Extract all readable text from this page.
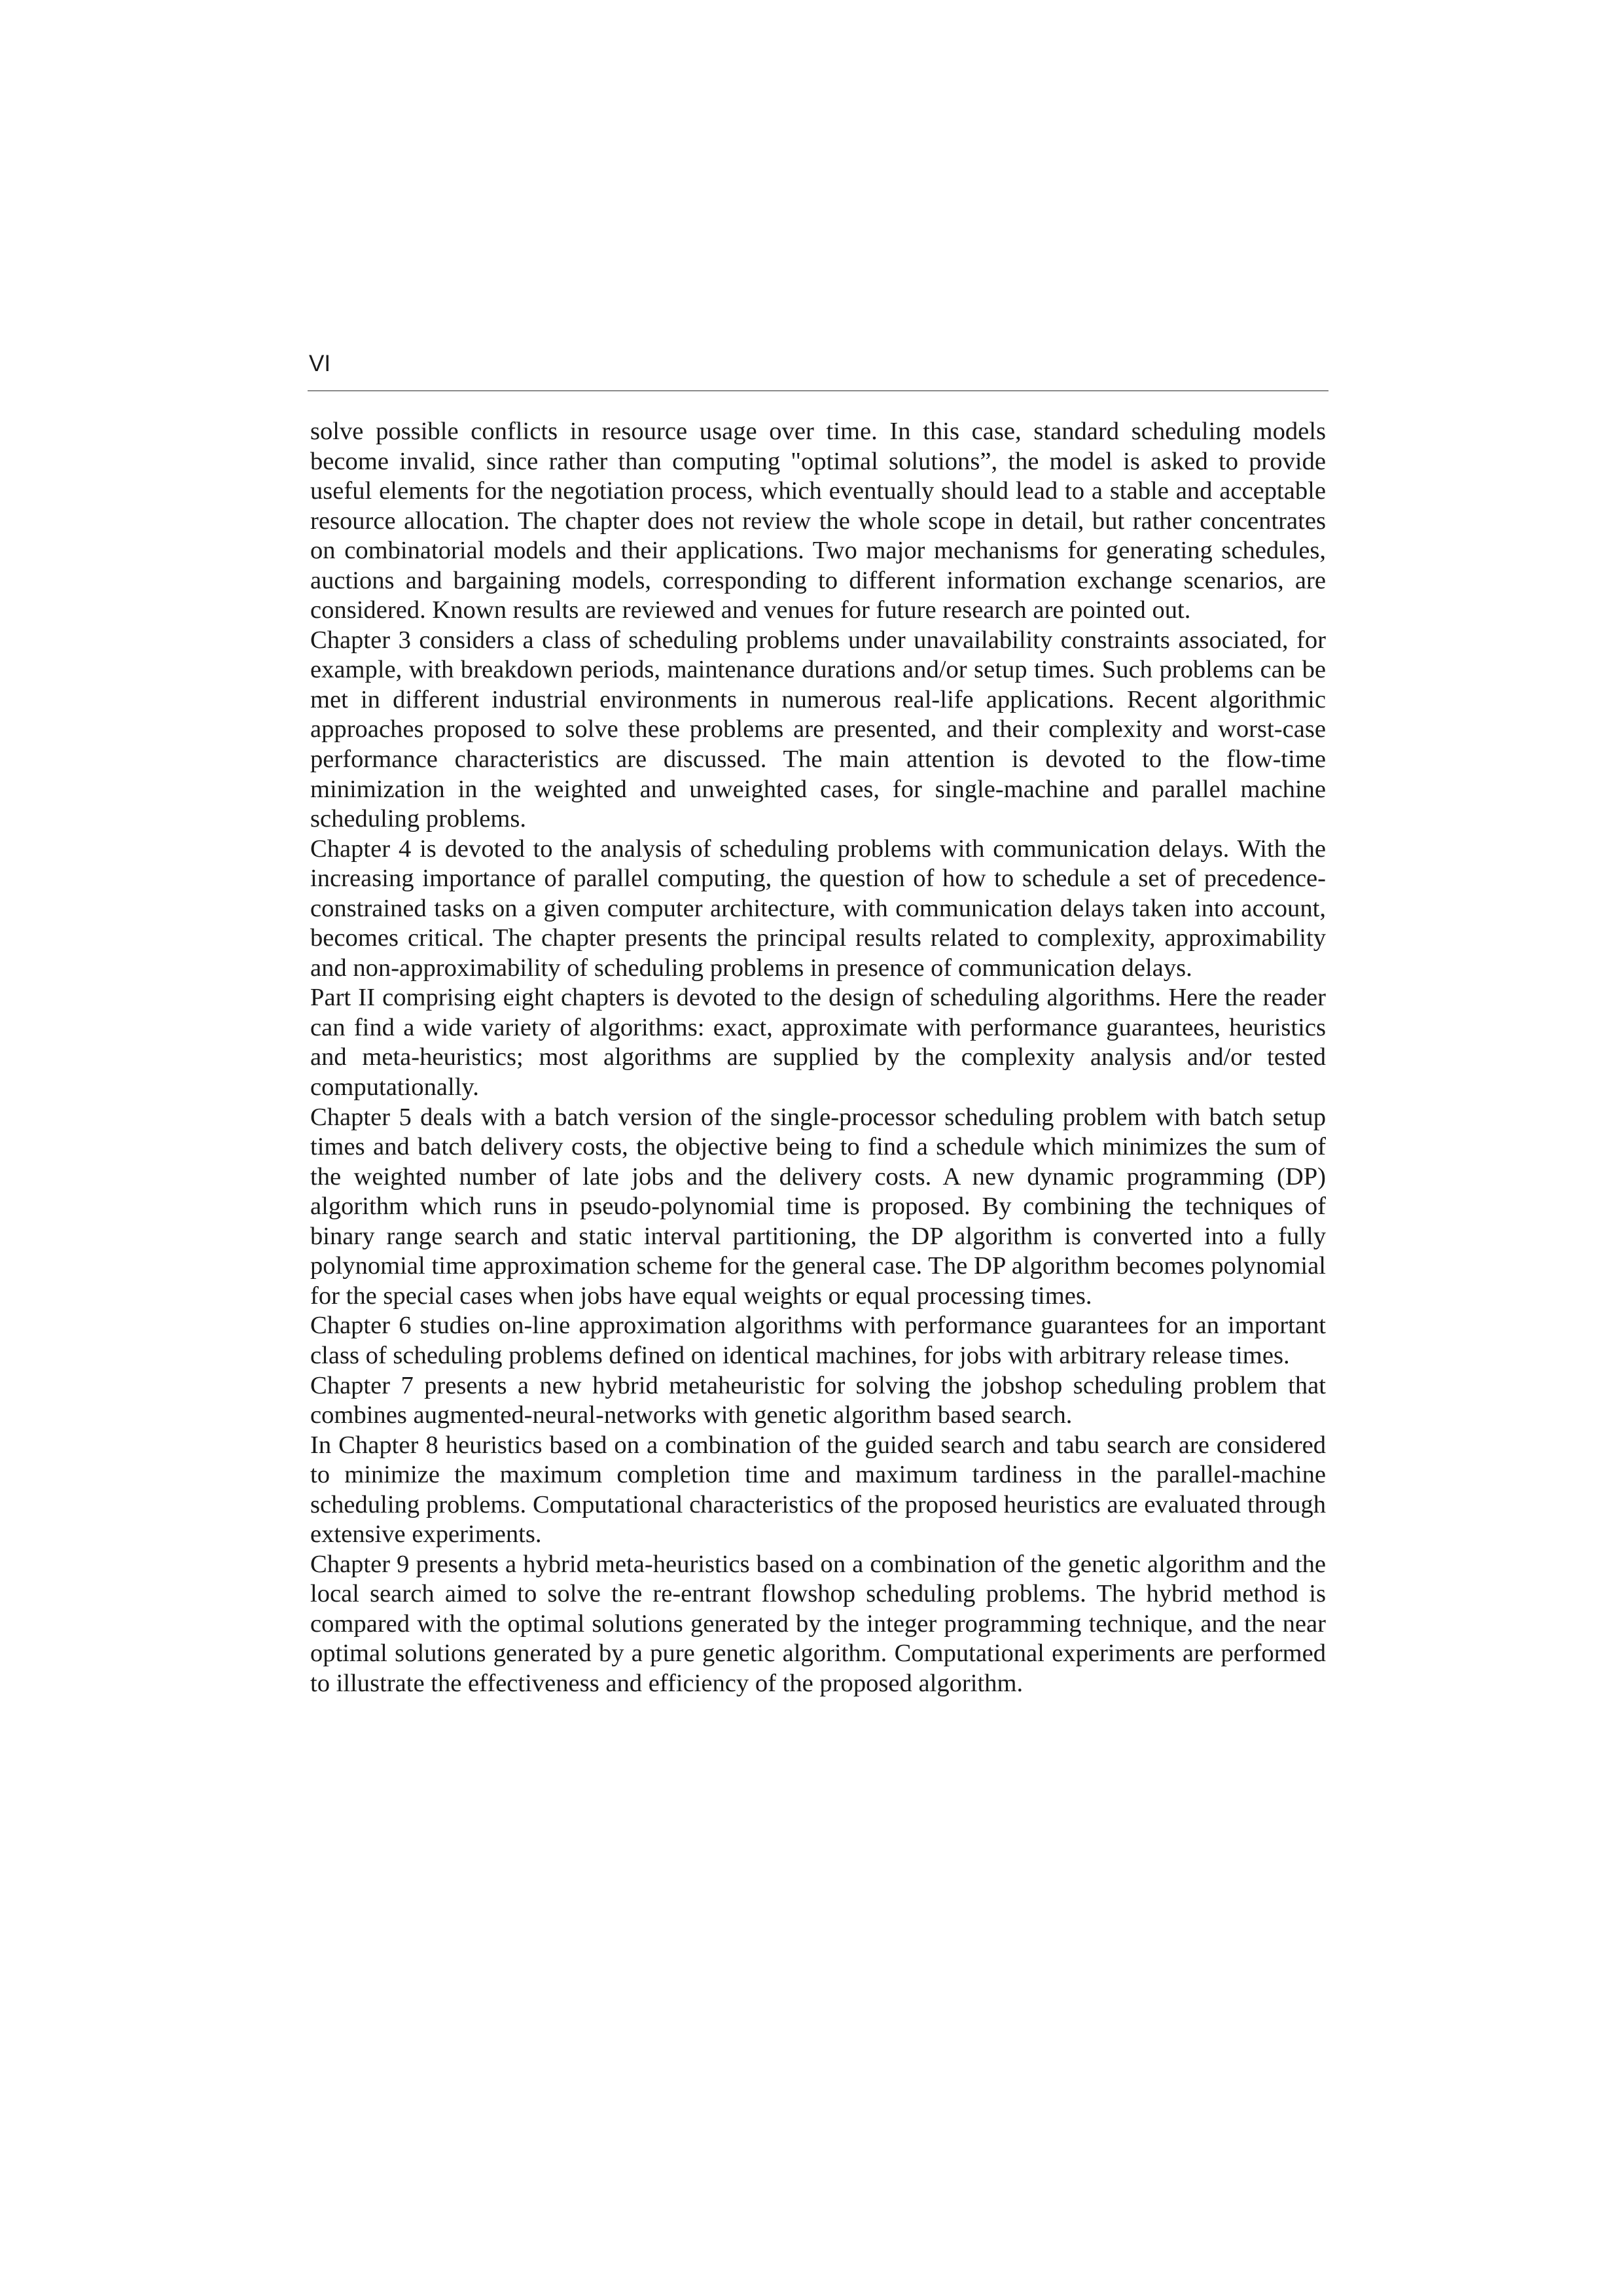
VI

solve possible conflicts in resource usage over time. In this case, standard scheduling models become invalid, since rather than computing "optimal solutions”, the model is asked to provide useful elements for the negotiation process, which eventually should lead to a stable and acceptable resource allocation. The chapter does not review the whole scope in detail, but rather concentrates on combinatorial models and their applications. Two major mechanisms for generating schedules, auctions and bargaining models, corresponding to different information exchange scenarios, are considered. Known results are reviewed and venues for future research are pointed out.

Chapter 3 considers a class of scheduling problems under unavailability constraints associated, for example, with breakdown periods, maintenance durations and/or setup times. Such problems can be met in different industrial environments in numerous real-life applications. Recent algorithmic approaches proposed to solve these problems are presented, and their complexity and worst-case performance characteristics are discussed. The main attention is devoted to the flow-time minimization in the weighted and unweighted cases, for single-machine and parallel machine scheduling problems.

Chapter 4 is devoted to the analysis of scheduling problems with communication delays. With the increasing importance of parallel computing, the question of how to schedule a set of precedence-constrained tasks on a given computer architecture, with communication delays taken into account, becomes critical. The chapter presents the principal results related to complexity, approximability and non-approximability of scheduling problems in presence of communication delays.

Part II comprising eight chapters is devoted to the design of scheduling algorithms. Here the reader can find a wide variety of algorithms: exact, approximate with performance guarantees, heuristics and meta-heuristics; most algorithms are supplied by the complexity analysis and/or tested computationally.

Chapter 5 deals with a batch version of the single-processor scheduling problem with batch setup times and batch delivery costs, the objective being to find a schedule which minimizes the sum of the weighted number of late jobs and the delivery costs. A new dynamic programming (DP) algorithm which runs in pseudo-polynomial time is proposed. By combining the techniques of binary range search and static interval partitioning, the DP algorithm is converted into a fully polynomial time approximation scheme for the general case. The DP algorithm becomes polynomial for the special cases when jobs have equal weights or equal processing times.

Chapter 6 studies on-line approximation algorithms with performance guarantees for an important class of scheduling problems defined on identical machines, for jobs with arbitrary release times.

Chapter 7 presents a new hybrid metaheuristic for solving the jobshop scheduling problem that combines augmented-neural-networks with genetic algorithm based search.

In Chapter 8 heuristics based on a combination of the guided search and tabu search are considered to minimize the maximum completion time and maximum tardiness in the parallel-machine scheduling problems. Computational characteristics of the proposed heuristics are evaluated through extensive experiments.

Chapter 9 presents a hybrid meta-heuristics based on a combination of the genetic algorithm and the local search aimed to solve the re-entrant flowshop scheduling problems. The hybrid method is compared with the optimal solutions generated by the integer programming technique, and the near optimal solutions generated by a pure genetic algorithm. Computational experiments are performed to illustrate the effectiveness and efficiency of the proposed algorithm.
